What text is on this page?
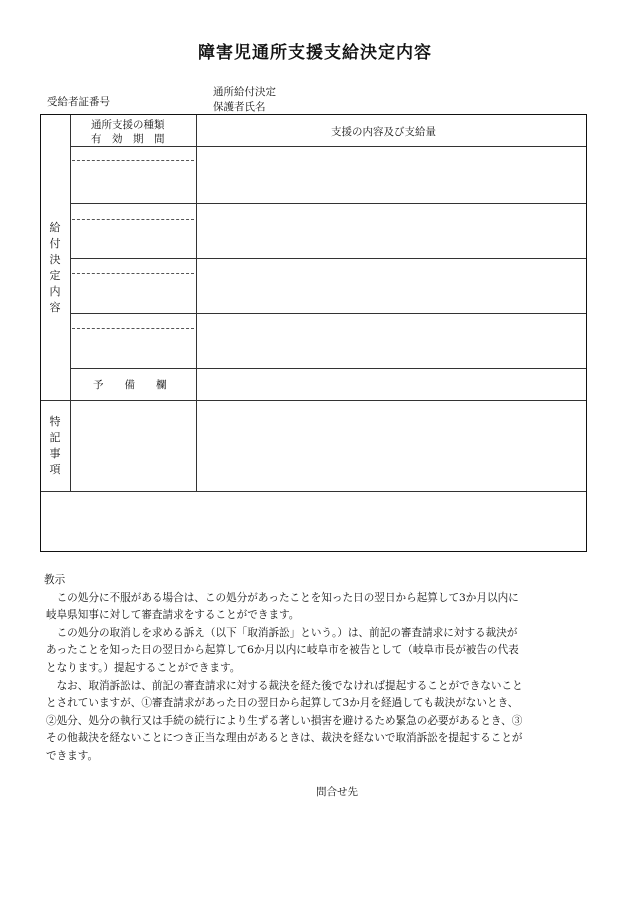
障害児通所支援支給決定内容
受給者証番号
通所給付決定
保護者氏名
通所支援の種類
有　効　期　間
支援の内容及び支給量
給
付
決
定
内
容
予　　備　　欄
特
記
事
項

教示

この処分に不服がある場合は、この処分があったことを知った日の翌日から起算して3か月以内に

岐阜県知事に対して審査請求をすることができます。

この処分の取消しを求める訴え（以下「取消訴訟」という。）は、前記の審査請求に対する裁決が

あったことを知った日の翌日から起算して6か月以内に岐阜市を被告として（岐阜市長が被告の代表

となります。）提起することができます。

なお、取消訴訟は、前記の審査請求に対する裁決を経た後でなければ提起することができないこと

とされていますが、①審査請求があった日の翌日から起算して3か月を経過しても裁決がないとき、

②処分、処分の執行又は手続の続行により生ずる著しい損害を避けるため緊急の必要があるとき、③

その他裁決を経ないことにつき正当な理由があるときは、裁決を経ないで取消訴訟を提起することが

できます。

問合せ先
